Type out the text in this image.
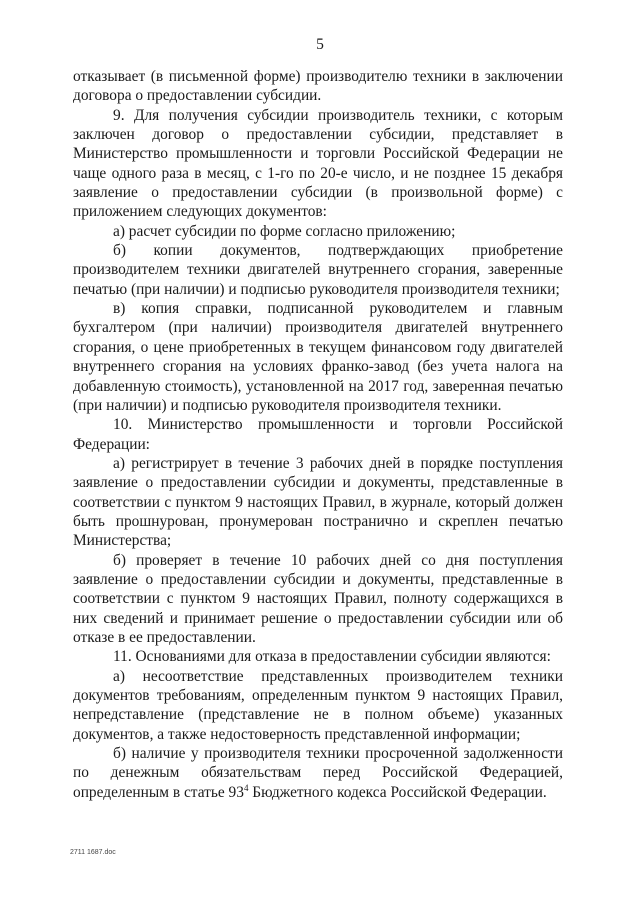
5

отказывает (в письменной форме) производителю техники в заключении договора о предоставлении субсидии.

9. Для получения субсидии производитель техники, с которым заключен договор о предоставлении субсидии, представляет в Министерство промышленности и торговли Российской Федерации не чаще одного раза в месяц, с 1-го по 20-е число, и не позднее 15 декабря заявление о предоставлении субсидии (в произвольной форме) с приложением следующих документов:

а) расчет субсидии по форме согласно приложению;

б) копии документов, подтверждающих приобретение производителем техники двигателей внутреннего сгорания, заверенные печатью (при наличии) и подписью руководителя производителя техники;

в) копия справки, подписанной руководителем и главным бухгалтером (при наличии) производителя двигателей внутреннего сгорания, о цене приобретенных в текущем финансовом году двигателей внутреннего сгорания на условиях франко-завод (без учета налога на добавленную стоимость), установленной на 2017 год, заверенная печатью (при наличии) и подписью руководителя производителя техники.

10. Министерство промышленности и торговли Российской Федерации:

а) регистрирует в течение 3 рабочих дней в порядке поступления заявление о предоставлении субсидии и документы, представленные в соответствии с пунктом 9 настоящих Правил, в журнале, который должен быть прошнурован, пронумерован постранично и скреплен печатью Министерства;

б) проверяет в течение 10 рабочих дней со дня поступления заявление о предоставлении субсидии и документы, представленные в соответствии с пунктом 9 настоящих Правил, полноту содержащихся в них сведений и принимает решение о предоставлении субсидии или об отказе в ее предоставлении.

11. Основаниями для отказа в предоставлении субсидии являются:

а) несоответствие представленных производителем техники документов требованиям, определенным пунктом 9 настоящих Правил, непредставление (представление не в полном объеме) указанных документов, а также недостоверность представленной информации;

б) наличие у производителя техники просроченной задолженности по денежным обязательствам перед Российской Федерацией, определенным в статье $93^4$ Бюджетного кодекса Российской Федерации.

2711 1687.doc
